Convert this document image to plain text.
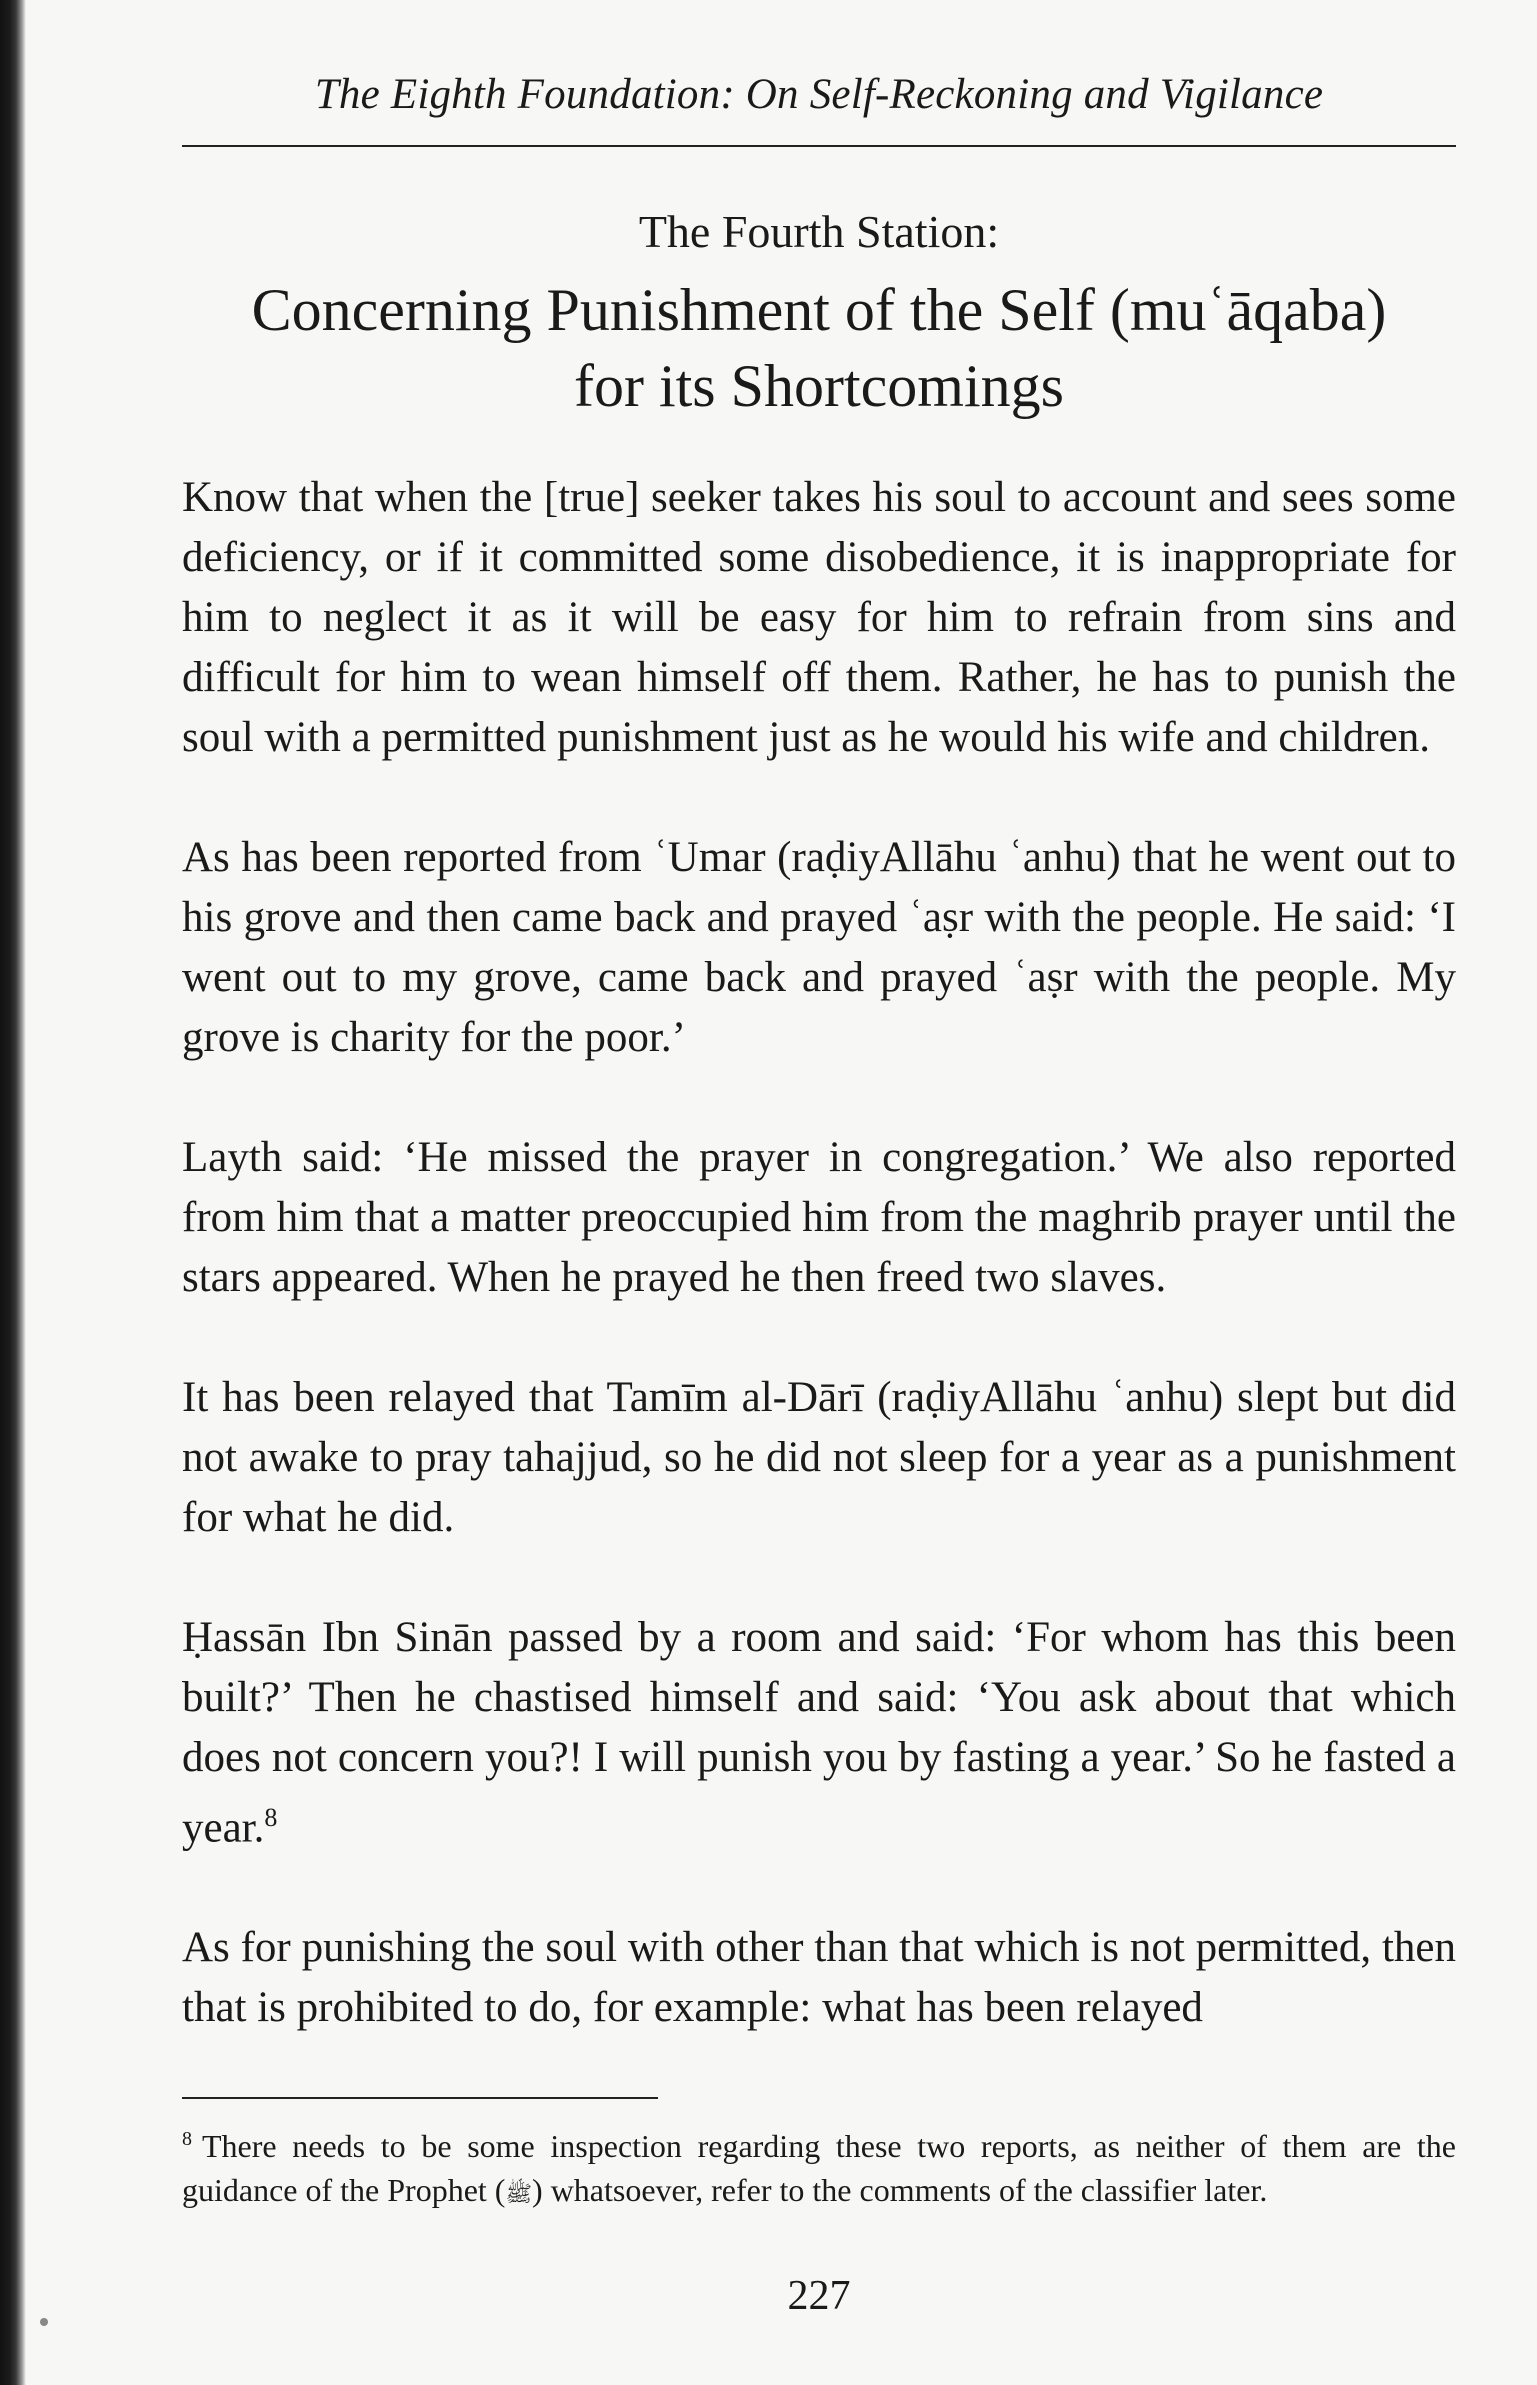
The Eighth Foundation: On Self-Reckoning and Vigilance
The Fourth Station:
Concerning Punishment of the Self (muʿāqaba)
for its Shortcomings

Know that when the [true] seeker takes his soul to account and sees some deficiency, or if it committed some disobedience, it is inappropriate for him to neglect it as it will be easy for him to refrain from sins and difficult for him to wean himself off them. Rather, he has to punish the soul with a permitted punishment just as he would his wife and children.

As has been reported from ʿUmar (raḍiyAllāhu ʿanhu) that he went out to his grove and then came back and prayed ʿaṣr with the people. He said: ‘I went out to my grove, came back and prayed ʿaṣr with the people. My grove is charity for the poor.’

Layth said: ‘He missed the prayer in congregation.’ We also reported from him that a matter preoccupied him from the maghrib prayer until the stars appeared. When he prayed he then freed two slaves.

It has been relayed that Tamīm al-Dārī (raḍiyAllāhu ʿanhu) slept but did not awake to pray tahajjud, so he did not sleep for a year as a punishment for what he did.

Ḥassān Ibn Sinān passed by a room and said: ‘For whom has this been built?’ Then he chastised himself and said: ‘You ask about that which does not concern you?! I will punish you by fasting a year.’ So he fasted a year.$^8$

As for punishing the soul with other than that which is not permitted, then that is prohibited to do, for example: what has been relayed

$^8$ There needs to be some inspection regarding these two reports, as neither of them are the guidance of the Prophet (ﷺ) whatsoever, refer to the comments of the classifier later.
227
